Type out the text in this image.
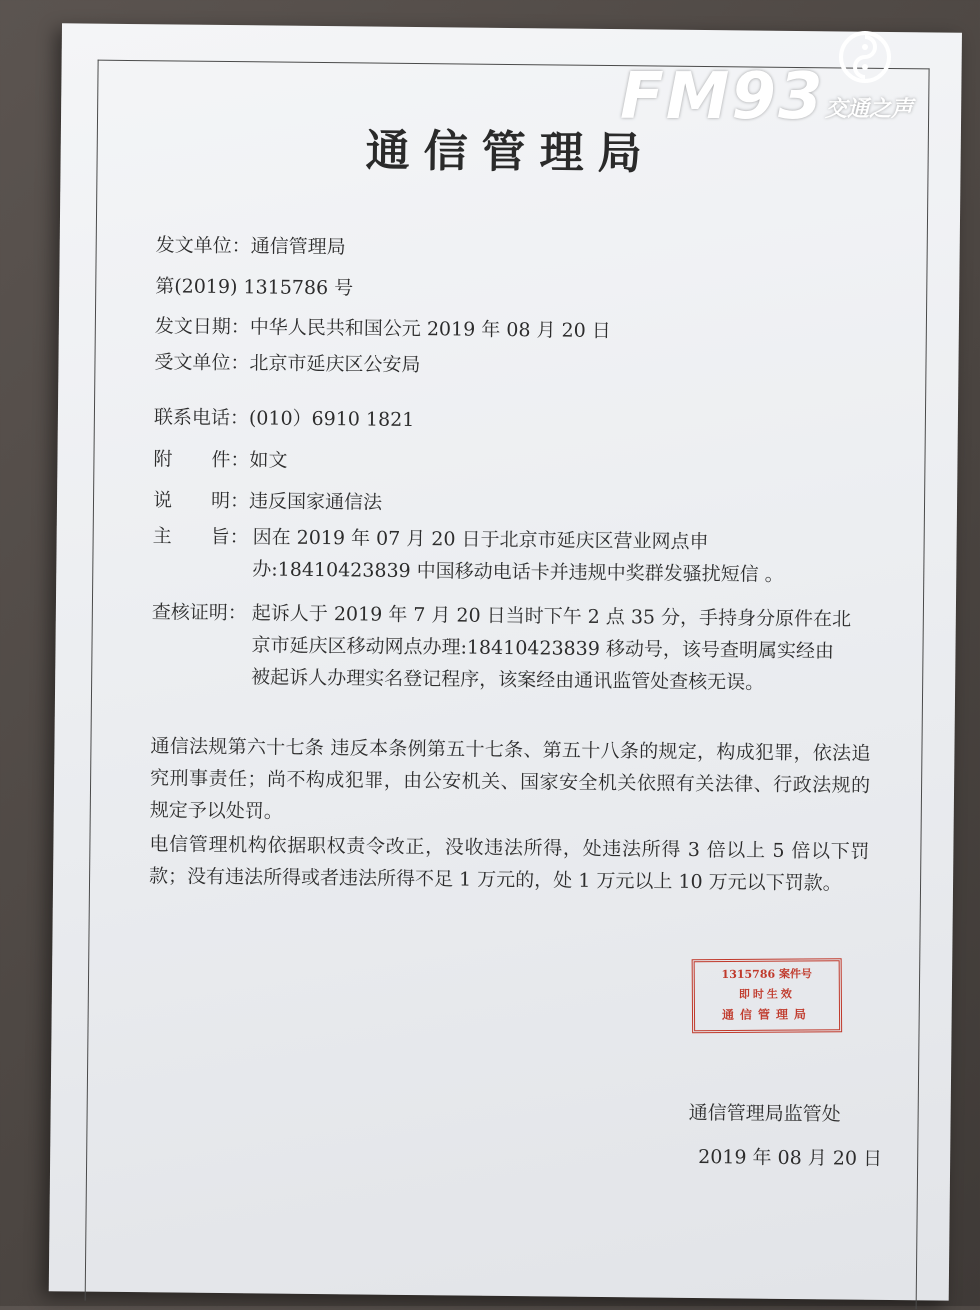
通信管理局
发文单位：通信管理局
第(2019) 1315786 号
发文日期：中华人民共和国公元 2019 年 08 月 20 日
受文单位：北京市延庆区公安局
联系电话：(010）6910 1821
附 件：如文
说 明：违反国家通信法
主 旨： 因在 2019 年 07 月 20 日于北京市延庆区营业网点申办:18410423839 中国移动电话卡并违规中奖群发骚扰短信 。
查核证明： 起诉人于 2019 年 7 月 20 日当时下午 2 点 35 分，手持身分原件在北京市延庆区移动网点办理:18410423839 移动号，该号查明属实经由被起诉人办理实名登记程序，该案经由通讯监管处查核无误。
通信法规第六十七条 违反本条例第五十七条、第五十八条的规定，构成犯罪，依法追究刑事责任；尚不构成犯罪，由公安机关、国家安全机关依照有关法律、行政法规的规定予以处罚。
电信管理机构依据职权责令改正，没收违法所得，处违法所得 3 倍以上 5 倍以下罚款；没有违法所得或者违法所得不足 1 万元的，处 1 万元以上 10 万元以下罚款。
1315786 案件号
即时生效
通信管理局
通信管理局监管处
2019 年 08 月 20 日
FM93 交通之声
